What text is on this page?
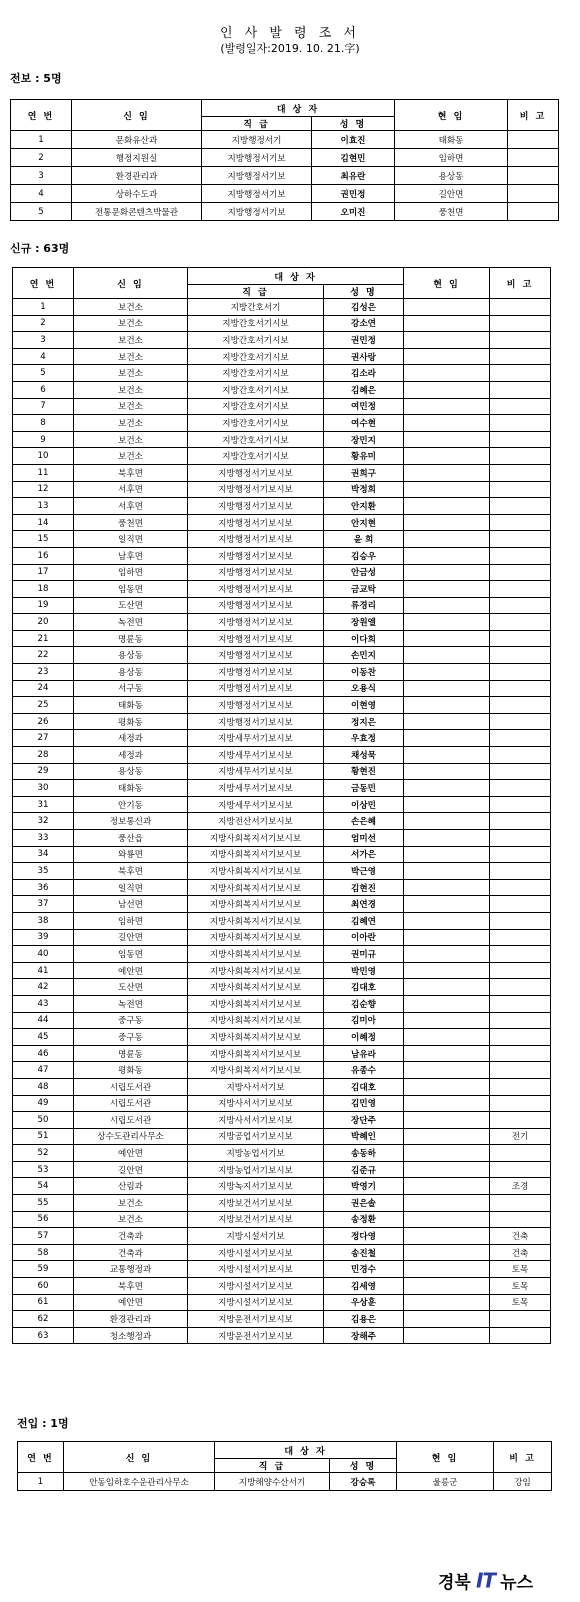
인 사 발 령 조 서
(발령일자:2019. 10. 21.字)
전보 : 5명
연 번	신 임	대 상 자		현 임	비 고
		직 급	성 명		
1	문화유산과	지방행정서기	이효진	태화동	
2	행정지원실	지방행정서기보	김현민	임하면	
3	환경관리과	지방행정서기보	최유란	용상동	
4	상하수도과	지방행정서기보	권민정	길안면	
5	전통문화콘텐츠박물관	지방행정서기보	오미진	풍천면	
신규 : 63명
연 번	신 임	대 상 자		현 임	비 고
		직 급	성 명		
1	보건소	지방간호서기	김성은		
2	보건소	지방간호서기시보	강소연		
3	보건소	지방간호서기시보	권민정		
4	보건소	지방간호서기시보	권사랑		
5	보건소	지방간호서기시보	김소라		
6	보건소	지방간호서기시보	김혜은		
7	보건소	지방간호서기시보	여민정		
8	보건소	지방간호서기시보	여수현		
9	보건소	지방간호서기시보	장민지		
10	보건소	지방간호서기시보	황유미		
11	북후면	지방행정서기보시보	권희구		
12	서후면	지방행정서기보시보	박정희		
13	서후면	지방행정서기보시보	안지환		
14	풍천면	지방행정서기보시보	안지현		
15	일직면	지방행정서기보시보	윤 희		
16	남후면	지방행정서기보시보	김승우		
17	임하면	지방행정서기보시보	안금성		
18	임동면	지방행정서기보시보	금교탁		
19	도산면	지방행정서기보시보	류경리		
20	녹전면	지방행정서기보시보	장원엘		
21	명륜동	지방행정서기보시보	이다희		
22	용상동	지방행정서기보시보	손민지		
23	용상동	지방행정서기보시보	이동찬		
24	서구동	지방행정서기보시보	오용식		
25	태화동	지방행정서기보시보	이현영		
26	평화동	지방행정서기보시보	정지은		
27	세정과	지방세무서기보시보	우효정		
28	세정과	지방세무서기보시보	채성묵		
29	용상동	지방세무서기보시보	황현진		
30	태화동	지방세무서기보시보	금동민		
31	안기동	지방세무서기보시보	이상민		
32	정보통신과	지방전산서기보시보	손은혜		
33	풍산읍	지방사회복지서기보시보	엄미선		
34	와룡면	지방사회복지서기보시보	서가은		
35	북후면	지방사회복지서기보시보	박근영		
36	일직면	지방사회복지서기보시보	김현진		
37	남선면	지방사회복지서기보시보	최연경		
38	임하면	지방사회복지서기보시보	김혜연		
39	길안면	지방사회복지서기보시보	이아란		
40	임동면	지방사회복지서기보시보	권미규		
41	예안면	지방사회복지서기보시보	박민영		
42	도산면	지방사회복지서기보시보	김대호		
43	녹전면	지방사회복지서기보시보	김순향		
44	중구동	지방사회복지서기보시보	김미아		
45	중구동	지방사회복지서기보시보	이혜정		
46	명륜동	지방사회복지서기보시보	남유라		
47	평화동	지방사회복지서기보시보	유종수		
48	시립도서관	지방사서서기보	김대호		
49	시립도서관	지방사서서기보시보	김민영		
50	시립도서관	지방사서서기보시보	장단주		
51	상수도관리사무소	지방공업서기보시보	박혜인		전기
52	예안면	지방농업서기보	송동하		
53	길안면	지방농업서기보시보	김준규		
54	산림과	지방녹지서기보시보	박영기		조경
55	보건소	지방보건서기보시보	권은솔		
56	보건소	지방보건서기보시보	송정환		
57	건축과	지방시설서기보	정다영		건축
58	건축과	지방시설서기보시보	송진철		건축
59	교통행정과	지방시설서기보시보	민경수		토목
60	북후면	지방시설서기보시보	김세영		토목
61	예안면	지방시설서기보시보	우상훈		토목
62	환경관리과	지방운전서기보시보	김용은		
63	청소행정과	지방운전서기보시보	장해주		
전입 : 1명
연 번	신 임	대 상 자		현 임	비 고
		직 급	성 명		
1	안동임하호수운관리사무소	지방해양수산서기	강승록	울릉군	강임
경북 IT 뉴스
